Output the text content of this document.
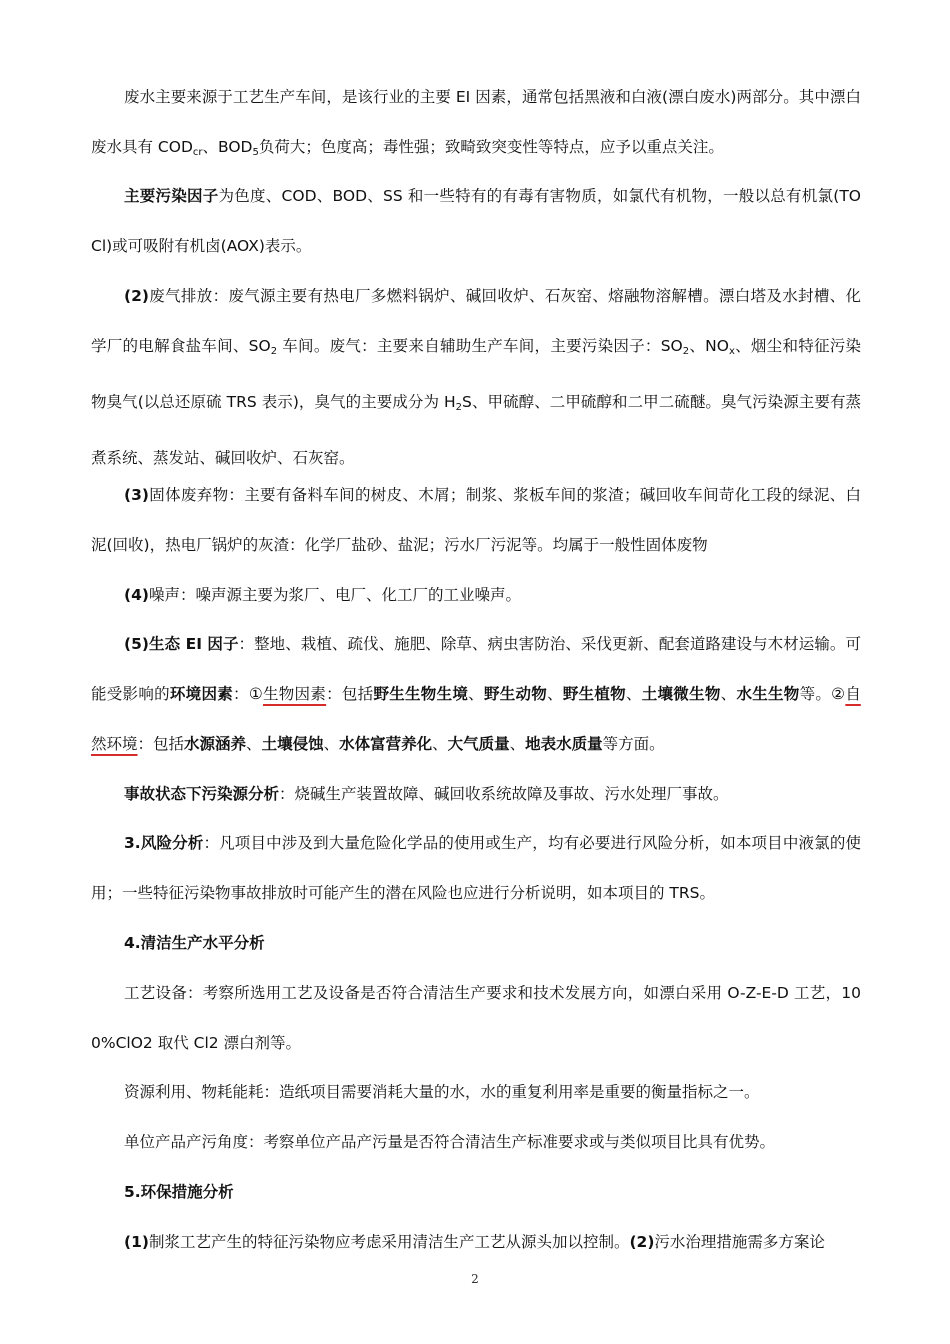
废水主要来源于工艺生产车间，是该行业的主要 EI 因素，通常包括黑液和白液(漂白废水)两部分。其中漂白废水具有 $COD_{cr}$、$BOD_5$负荷大；色度高；毒性强；致畸致突变性等特点，应予以重点关注。

主要污染因子为色度、COD、BOD、SS 和一些特有的有毒有害物质，如氯代有机物，一般以总有机氯(TOCl)或可吸附有机卤(AOX)表示。

(2)废气排放：废气源主要有热电厂多燃料锅炉、碱回收炉、石灰窑、熔融物溶解槽。漂白塔及水封槽、化学厂的电解食盐车间、$SO_2$ 车间。废气：主要来自辅助生产车间，主要污染因子：$SO_2$、$NO_x$、烟尘和特征污染物臭气(以总还原硫 TRS 表示)，臭气的主要成分为 $H_2S$、甲硫醇、二甲硫醇和二甲二硫醚。臭气污染源主要有蒸煮系统、蒸发站、碱回收炉、石灰窑。

(3)固体废弃物：主要有备料车间的树皮、木屑；制浆、浆板车间的浆渣；碱回收车间苛化工段的绿泥、白泥(回收)，热电厂锅炉的灰渣：化学厂盐砂、盐泥；污水厂污泥等。均属于一般性固体废物

(4)噪声：噪声源主要为浆厂、电厂、化工厂的工业噪声。

(5)生态 EI 因子：整地、栽植、疏伐、施肥、除草、病虫害防治、采伐更新、配套道路建设与木材运输。可能受影响的环境因素：①生物因素：包括野生生物生境、野生动物、野生植物、土壤微生物、水生生物等。②自然环境：包括水源涵养、土壤侵蚀、水体富营养化、大气质量、地表水质量等方面。

事故状态下污染源分析：烧碱生产装置故障、碱回收系统故障及事故、污水处理厂事故。

3.风险分析：凡项目中涉及到大量危险化学品的使用或生产，均有必要进行风险分析，如本项目中液氯的使用；一些特征污染物事故排放时可能产生的潜在风险也应进行分析说明，如本项目的 TRS。

4.清洁生产水平分析

工艺设备：考察所选用工艺及设备是否符合清洁生产要求和技术发展方向，如漂白采用 O-Z-E-D 工艺，100%ClO2 取代 Cl2 漂白剂等。

资源利用、物耗能耗：造纸项目需要消耗大量的水，水的重复利用率是重要的衡量指标之一。

单位产品产污角度：考察单位产品产污量是否符合清洁生产标准要求或与类似项目比具有优势。

5.环保措施分析

(1)制浆工艺产生的特征污染物应考虑采用清洁生产工艺从源头加以控制。(2)污水治理措施需多方案论

2
